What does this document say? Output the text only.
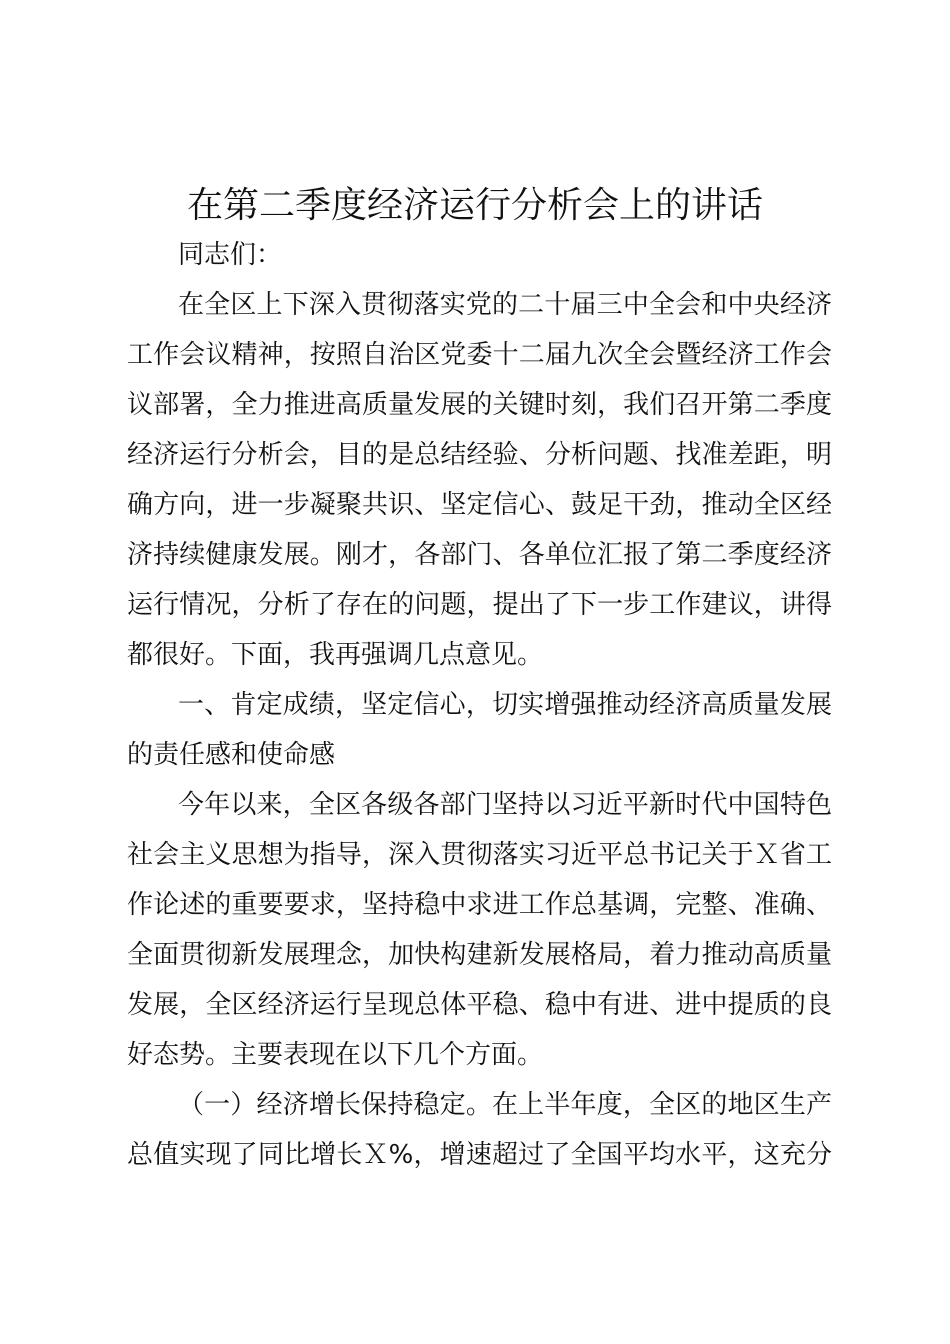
在第二季度经济运行分析会上的讲话
同志们：
在全区上下深入贯彻落实党的二十届三中全会和中央经济
工作会议精神，按照自治区党委十二届九次全会暨经济工作会
议部署，全力推进高质量发展的关键时刻，我们召开第二季度
经济运行分析会，目的是总结经验、分析问题、找准差距，明
确方向，进一步凝聚共识、坚定信心、鼓足干劲，推动全区经
济持续健康发展。刚才，各部门、各单位汇报了第二季度经济
运行情况，分析了存在的问题，提出了下一步工作建议，讲得
都很好。下面，我再强调几点意见。
一、肯定成绩，坚定信心，切实增强推动经济高质量发展
的责任感和使命感
今年以来，全区各级各部门坚持以习近平新时代中国特色
社会主义思想为指导，深入贯彻落实习近平总书记关于Ｘ省工
作论述的重要要求，坚持稳中求进工作总基调，完整、准确、
全面贯彻新发展理念，加快构建新发展格局，着力推动高质量
发展，全区经济运行呈现总体平稳、稳中有进、进中提质的良
好态势。主要表现在以下几个方面。
（一）经济增长保持稳定。在上半年度，全区的地区生产
总值实现了同比增长Ｘ%，增速超过了全国平均水平，这充分
